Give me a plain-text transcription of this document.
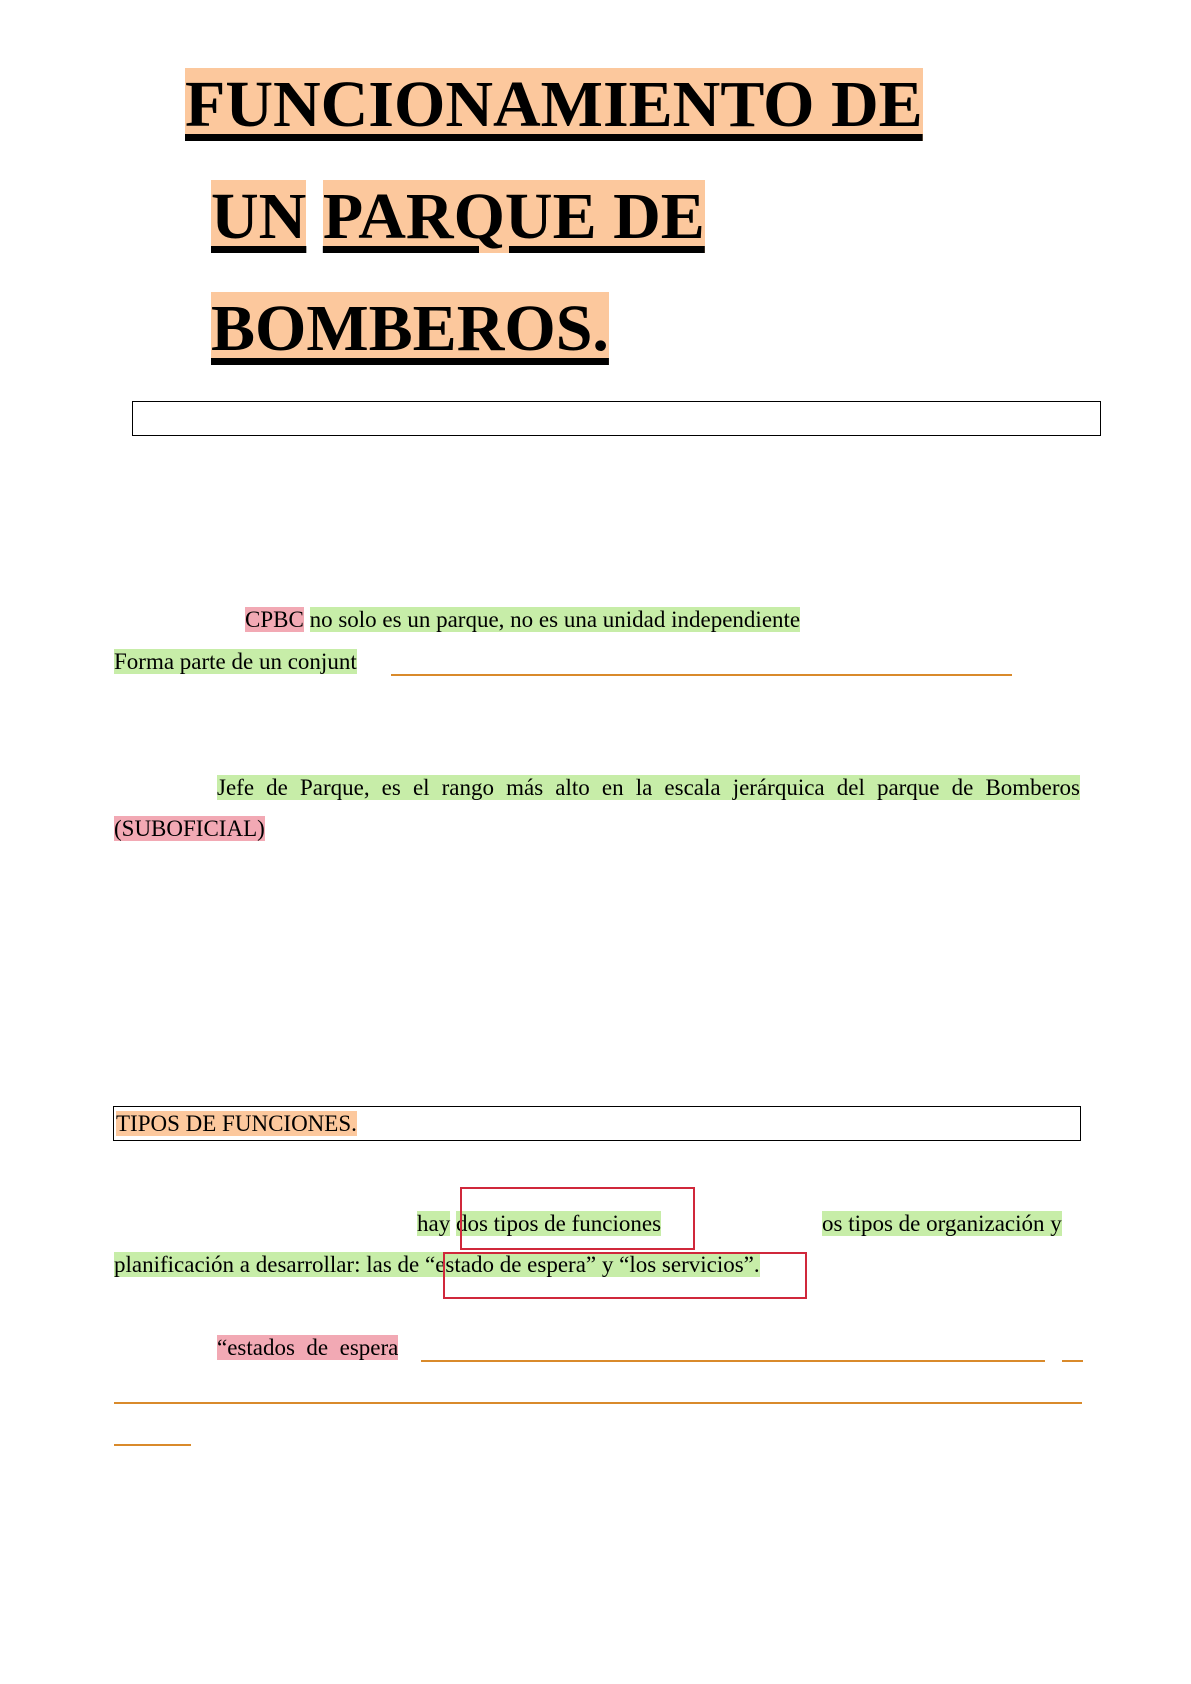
FUNCIONAMIENTO DE
UN PARQUE DE
BOMBEROS.
CPBC no solo es un parque, no es una unidad independiente
Forma parte de un conjunt
Jefe de Parque, es el rango más alto en la escala jerárquica del parque de Bomberos
(SUBOFICIAL)
TIPOS DE FUNCIONES.
hay dos tipos de funciones	os tipos de organización y
planificación a desarrollar: las de “estado de espera” y “los servicios”.
“estados  de  espera
